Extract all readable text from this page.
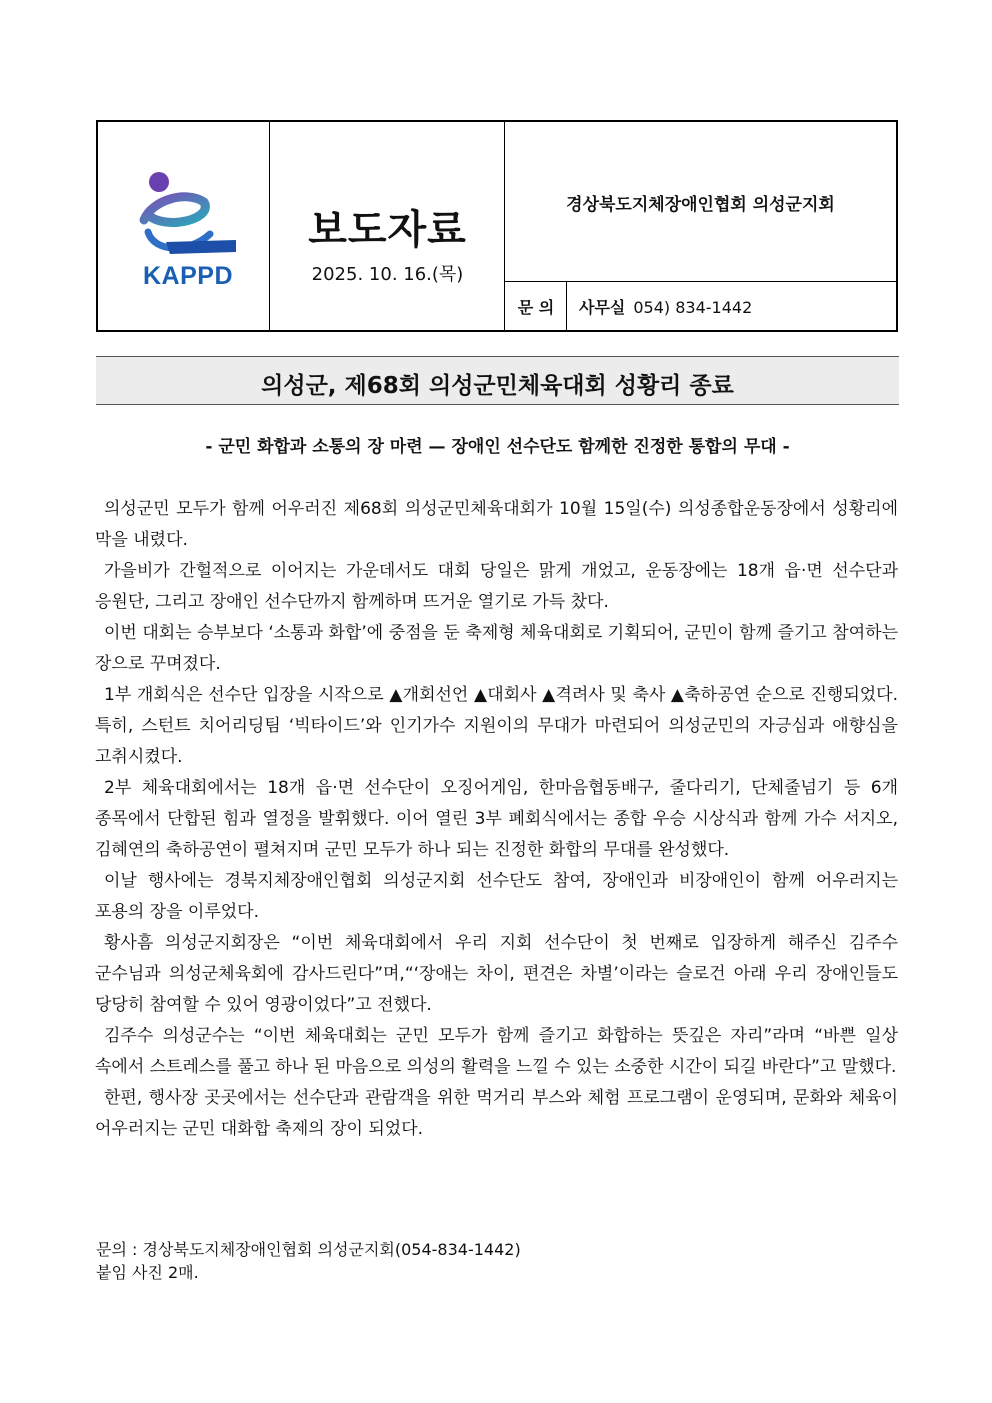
KAPPD
보도자료
2025. 10. 16.(목)
경상북도지체장애인협회 의성군지회
문 의	사무실 054) 834-1442
의성군, 제68회 의성군민체육대회 성황리 종료
- 군민 화합과 소통의 장 마련 — 장애인 선수단도 함께한 진정한 통합의 무대 -

의성군민 모두가 함께 어우러진 제68회 의성군민체육대회가 10월 15일(수) 의성종합운동장에서 성황리에 막을 내렸다.

가을비가 간헐적으로 이어지는 가운데서도 대회 당일은 맑게 개었고, 운동장에는 18개 읍·면 선수단과 응원단, 그리고 장애인 선수단까지 함께하며 뜨거운 열기로 가득 찼다.

이번 대회는 승부보다 ‘소통과 화합’에 중점을 둔 축제형 체육대회로 기획되어, 군민이 함께 즐기고 참여하는 장으로 꾸며졌다.

1부 개회식은 선수단 입장을 시작으로 ▲개회선언 ▲대회사 ▲격려사 및 축사 ▲축하공연 순으로 진행되었다. 특히, 스턴트 치어리딩팀 ‘빅타이드’와 인기가수 지원이의 무대가 마련되어 의성군민의 자긍심과 애향심을 고취시켰다.

2부 체육대회에서는 18개 읍·면 선수단이 오징어게임, 한마음협동배구, 줄다리기, 단체줄넘기 등 6개 종목에서 단합된 힘과 열정을 발휘했다. 이어 열린 3부 폐회식에서는 종합 우승 시상식과 함께 가수 서지오, 김혜연의 축하공연이 펼쳐지며 군민 모두가 하나 되는 진정한 화합의 무대를 완성했다.

이날 행사에는 경북지체장애인협회 의성군지회 선수단도 참여, 장애인과 비장애인이 함께 어우러지는 포용의 장을 이루었다.

황사흠 의성군지회장은 “이번 체육대회에서 우리 지회 선수단이 첫 번째로 입장하게 해주신 김주수 군수님과 의성군체육회에 감사드린다”며,“‘장애는 차이, 편견은 차별’이라는 슬로건 아래 우리 장애인들도 당당히 참여할 수 있어 영광이었다”고 전했다.

김주수 의성군수는 “이번 체육대회는 군민 모두가 함께 즐기고 화합하는 뜻깊은 자리”라며 “바쁜 일상 속에서 스트레스를 풀고 하나 된 마음으로 의성의 활력을 느낄 수 있는 소중한 시간이 되길 바란다”고 말했다.

한편, 행사장 곳곳에서는 선수단과 관람객을 위한 먹거리 부스와 체험 프로그램이 운영되며, 문화와 체육이 어우러지는 군민 대화합 축제의 장이 되었다.

문의 : 경상북도지체장애인협회 의성군지회(054-834-1442)
붙임 사진 2매.
